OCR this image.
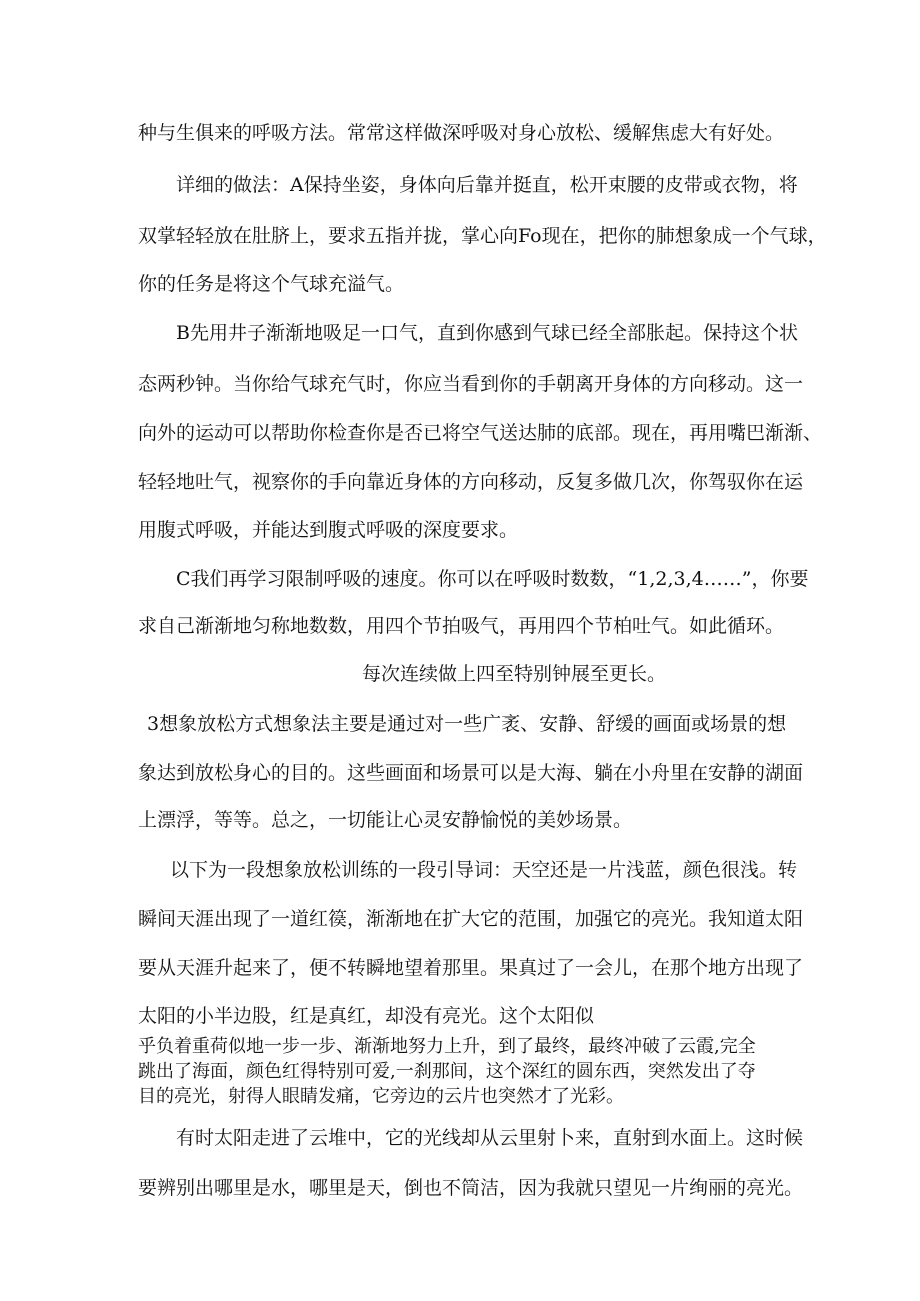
种与生俱来的呼吸方法。常常这样做深呼吸对身心放松、缓解焦虑大有好处。
详细的做法：A保持坐姿，身体向后靠并挺直，松开束腰的皮带或衣物，将
双掌轻轻放在肚脐上，要求五指并拢，掌心向Fo现在，把你的肺想象成一个气球，
你的任务是将这个气球充溢气。
B先用井子渐渐地吸足一口气，直到你感到气球已经全部胀起。保持这个状
态两秒钟。当你给气球充气时，你应当看到你的手朝离开身体的方向移动。这一
向外的运动可以帮助你检查你是否已将空气送达肺的底部。现在，再用嘴巴渐渐、
轻轻地吐气，视察你的手向靠近身体的方向移动，反复多做几次，你驾驭你在运
用腹式呼吸，并能达到腹式呼吸的深度要求。
C我们再学习限制呼吸的速度。你可以在呼吸时数数，“1,2,3,4……”，你要
求自己渐渐地匀称地数数，用四个节拍吸气，再用四个节柏吐气。如此循环。
每次连续做上四至特别钟展至更长。
3想象放松方式想象法主要是通过对一些广袤、安静、舒缓的画面或场景的想
象达到放松身心的目的。这些画面和场景可以是大海、躺在小舟里在安静的湖面
上漂浮，等等。总之，一切能让心灵安静愉悦的美妙场景。
以下为一段想象放松训练的一段引导词：天空还是一片浅蓝，颜色很浅。转
瞬间天涯出现了一道红篌，渐渐地在扩大它的范围，加强它的亮光。我知道太阳
要从天涯升起来了，便不转瞬地望着那里。果真过了一会儿，在那个地方出现了
太阳的小半边股，红是真红，却没有亮光。这个太阳似
乎负着重荷似地一步一步、渐渐地努力上升，到了最终，最终冲破了云霞,完全
跳出了海面，颜色红得特别可爱,一刹那间，这个深红的圆东西，突然发出了夺
目的亮光，射得人眼睛发痛，它旁边的云片也突然才了光彩。
有时太阳走进了云堆中，它的光线却从云里射卜来，直射到水面上。这时候
要辨别出哪里是水，哪里是天，倒也不筒洁，因为我就只望见一片绚丽的亮光。
